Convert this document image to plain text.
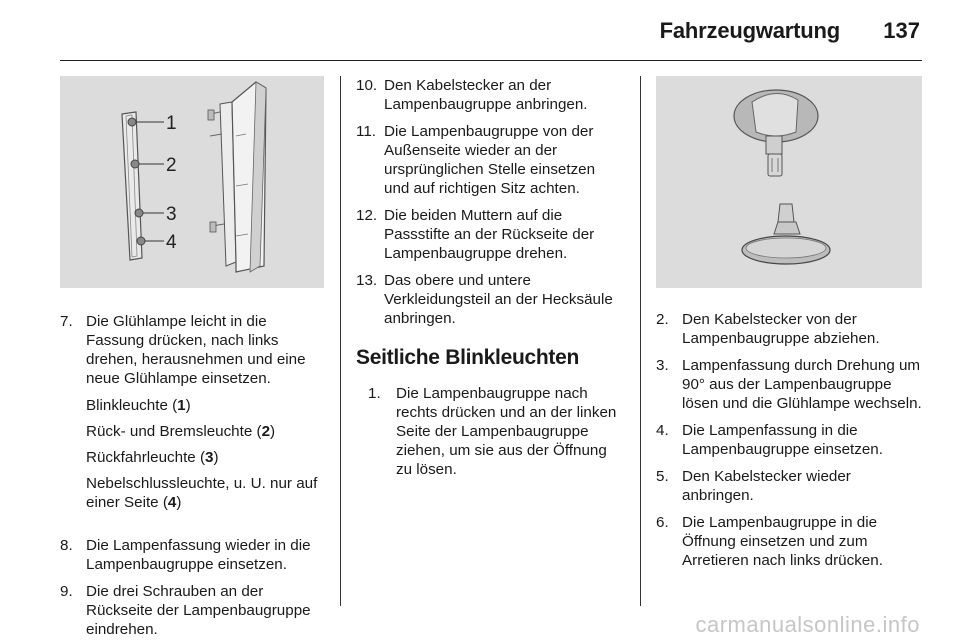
Fahrzeugwartung 137
1
2
3
4
7. Die Glühlampe leicht in die Fassung drücken, nach links drehen, herausnehmen und eine neue Glühlampe einsetzen.
Blinkleuchte (1)
Rück- und Bremsleuchte (2)
Rückfahrleuchte (3)
Nebelschlussleuchte, u. U. nur auf einer Seite (4)
8. Die Lampenfassung wieder in die Lampenbaugruppe einsetzen.
9. Die drei Schrauben an der Rückseite der Lampenbaugruppe eindrehen.
10. Den Kabelstecker an der Lampenbaugruppe anbringen.
11. Die Lampenbaugruppe von der Außenseite wieder an der ursprünglichen Stelle einsetzen und auf richtigen Sitz achten.
12. Die beiden Muttern auf die Passstifte an der Rückseite der Lampenbaugruppe drehen.
13. Das obere und untere Verkleidungsteil an der Hecksäule anbringen.
Seitliche Blinkleuchten
1. Die Lampenbaugruppe nach rechts drücken und an der linken Seite der Lampenbaugruppe ziehen, um sie aus der Öffnung zu lösen.
2. Den Kabelstecker von der Lampenbaugruppe abziehen.
3. Lampenfassung durch Drehung um 90° aus der Lampenbaugruppe lösen und die Glühlampe wechseln.
4. Die Lampenfassung in die Lampenbaugruppe einsetzen.
5. Den Kabelstecker wieder anbringen.
6. Die Lampenbaugruppe in die Öffnung einsetzen und zum Arretieren nach links drücken.
carmanualsonline.info
